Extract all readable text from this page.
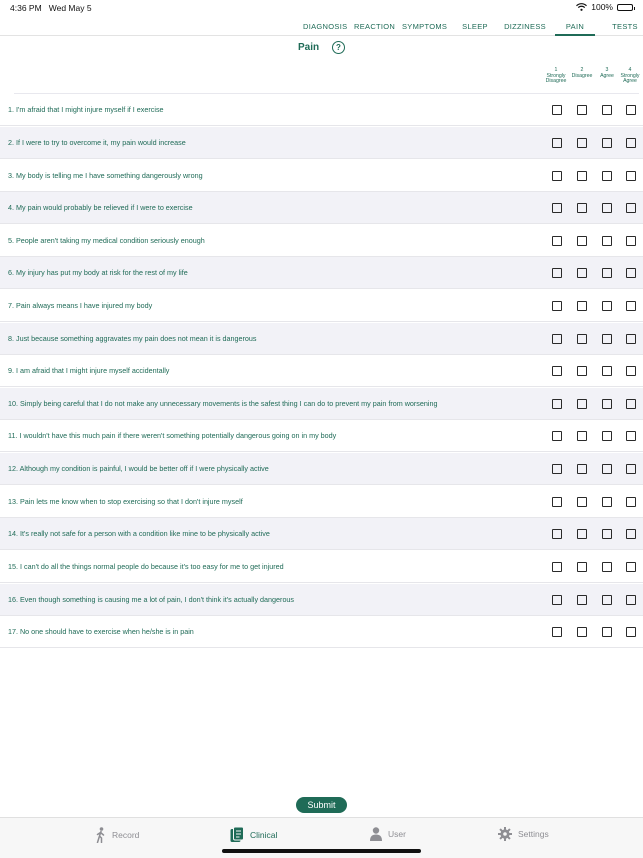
4:36 PM Wed May 5	100%
DIAGNOSIS REACTION SYMPTOMS SLEEP DIZZINESS	PAIN	TESTS
Pain	?
1
Strongly
Disagree
2
Disagree
3
Agree
4
Strongly
Agree
1. I'm afraid that I might injure myself if I exercise
2. If I were to try to overcome it, my pain would increase
3. My body is telling me I have something dangerously wrong
4. My pain would probably be relieved if I were to exercise
5. People aren't taking my medical condition seriously enough
6. My injury has put my body at risk for the rest of my life
7. Pain always means I have injured my body
8. Just because something aggravates my pain does not mean it is dangerous
9. I am afraid that I might injure myself accidentally
10. Simply being careful that I do not make any unnecessary movements is the safest thing I can do to prevent my pain from worsening
11. I wouldn't have this much pain if there weren't something potentially dangerous going on in my body
12. Although my condition is painful, I would be better off if I were physically active
13. Pain lets me know when to stop exercising so that I don't injure myself
14. It's really not safe for a person with a condition like mine to be physically active
15. I can't do all the things normal people do because it's too easy for me to get injured
16. Even though something is causing me a lot of pain, I don't think it's actually dangerous
17. No one should have to exercise when he/she is in pain
Submit
Record	Clinical	User	Settings
